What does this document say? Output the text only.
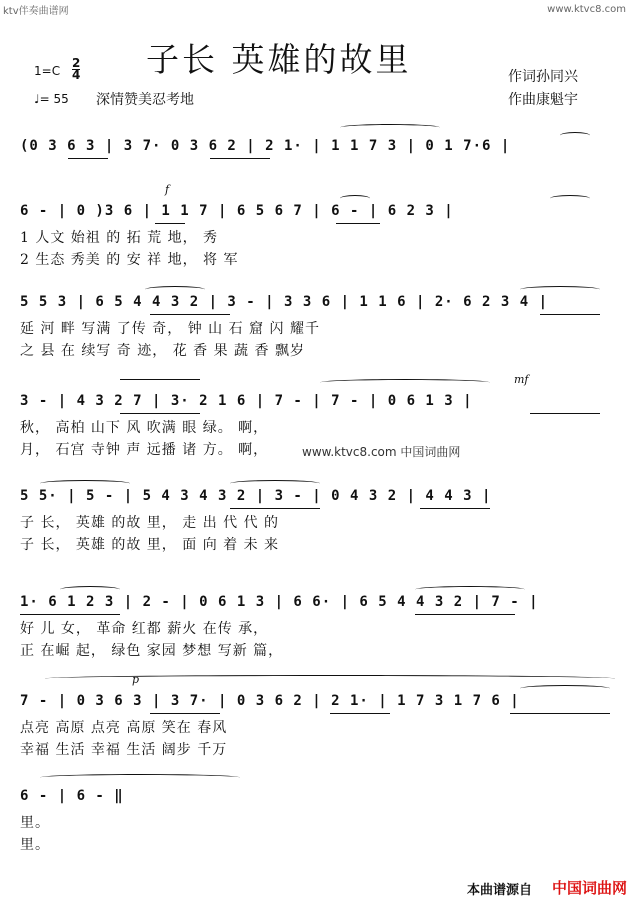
ktv伴奏曲谱网	www.ktvc8.com
子长 英雄的故里
1=C
2
4
♩= 55 深情赞美忍考地
作词孙同兴
作曲康魁宇
(0 3 6 3 | 3 7· 0 3 6 2 | 2 1· | 1 1 7 3 | 0 1 7·6 |
f
6 - | 0 )3 6 | 1 1 7 | 6 5 6 7 | 6 - | 6 2 3 |
1 人文 始祖 的 拓 荒 地， 秀
2 生态 秀美 的 安 祥 地， 将 军
5 5 3 | 6 5 4 4 3 2 | 3 - | 3 3 6 | 1 1 6 | 2· 6 2 3 4 |
延 河 畔 写满 了传 奇， 钟 山 石 窟 闪 耀千
之 县 在 续写 奇 迹， 花 香 果 蔬 香 飘岁
mf
3 - | 4 3 2 7 | 3· 2 1 6 | 7 - | 7 - | 0 6 1 3 |
秋， 高柏 山下 风 吹满 眼 绿。 啊，
月， 石宫 寺钟 声 远播 诸 方。 啊，	www.ktvc8.com 中国词曲网
5 5· | 5 - | 5 4 3 4 3 2 | 3 - | 0 4 3 2 | 4 4 3 |
子 长， 英雄 的故 里， 走 出 代 代 的
子 长， 英雄 的故 里， 面 向 着 未 来
1· 6 1 2 3 | 2 - | 0 6 1 3 | 6 6· | 6 5 4 4 3 2 | 7 - |
好 儿 女， 革命 红都 薪火 在传 承，
正 在崛 起， 绿色 家园 梦想 写新 篇，
p
7 - | 0 3 6 3 | 3 7· | 0 3 6 2 | 2 1· | 1 7 3 1 7 6 |
点亮 高原 点亮 高原 笑在 春风
幸福 生活 幸福 生活 阔步 千万
6 - | 6 - ‖
里。
里。
本曲谱源自 中国词曲网
